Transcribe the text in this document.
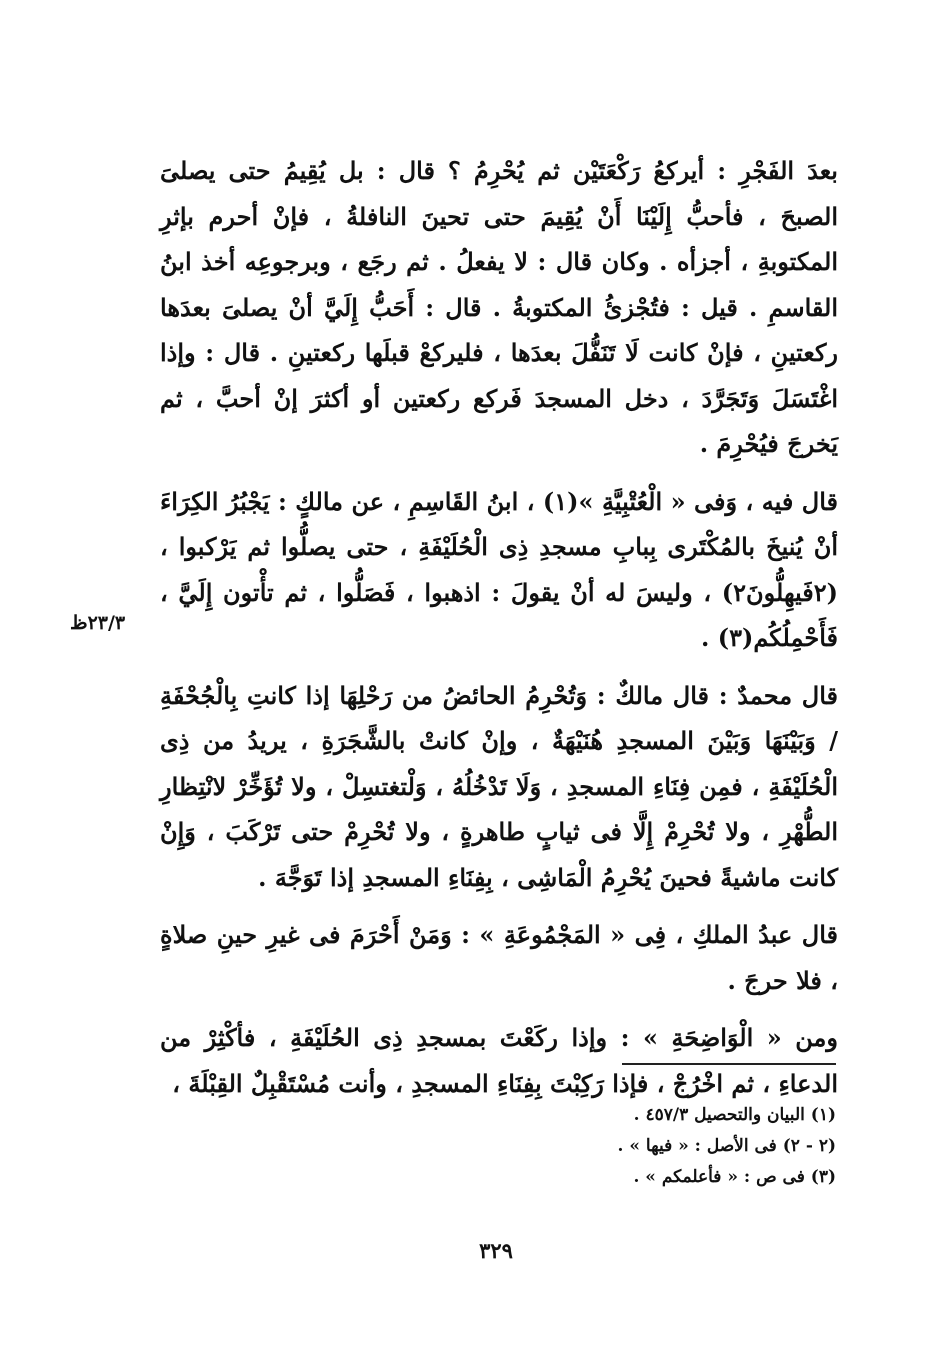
بعدَ الفَجْرِ : أيركعُ رَكْعَتَيْن ثم يُحْرِمُ ؟ قال : بل يُقِيمُ حتى يصلىَ الصبحَ ، فأحبُّ إِلَيْنَا أَنْ يُقِيمَ حتى تحينَ النافلةُ ، فإنْ أحرم بإثرِ المكتوبةِ ، أجزأه . وكان قال : لا يفعلُ . ثم رجَع ، وبرجوعِه أخذ ابنُ القاسمِ . قيل : فتُجْزئُ المكتوبةُ . قال : أَحَبُّ إِلَيَّ أنْ يصلىَ بعدَها ركعتينِ ، فإنْ كانت لَا تَنَفُّلَ بعدَها ، فليركعْ قبلَها ركعتينِ . قال : وإذا اغْتَسَلَ وَتَجَرَّدَ ، دخل المسجدَ فَركع ركعتين أو أكثرَ إنْ أحبَّ ، ثم يَخرجَ فيُحْرِمَ .

قال فيه ، وَفى « الْعُتْبِيَّةِ »(١) ، ابنُ القَاسِمِ ، عن مالكٍ : يَجْبُرُ الكِرَاءَ أنْ يُنيخَ بالمُكْتَرى بِبابِ مسجدِ ذِى الْحُلَيْفَةِ ، حتى يصلُّوا ثم يَرْكبوا ، (٢فَيهِلُّونَ٢) ، وليسَ له أنْ يقولَ : اذهبوا ، فَصَلُّوا ، ثم تأْتون إِلَيَّ ، فَأَحْمِلُكُم(٣) .

قال محمدٌ : قال مالكٌ : وَتُحْرِمُ الحائضُ من رَحْلِهَا إذا كانتِ بِالْجُحْفَةِ / وَبَيْنَهَا وَبَيْنَ المسجدِ هُنَيْهَةٌ ، وإنْ كانتْ بالشَّجَرَةِ ، يريدُ من ذِى الْحُلَيْفَةِ ، فمِن فِنَاءِ المسجدِ ، وَلَا تَدْخُلُهُ ، وَلْتغتسِلْ ، ولا تُؤَخِّرْ لانْتِظارِ الطُّهْرِ ، ولا تُحْرِمْ إِلَّا فى ثيابٍ طاهرةٍ ، ولا تُحْرِمْ حتى تَرْكَبَ ، وَإِنْ كانت ماشيةً فحينَ يُحْرِمُ الْمَاشِى ، بِفِنَاءِ المسجدِ إذا تَوَجَّهَ .

قال عبدُ الملكِ ، فِى « المَجْمُوعَةِ » : وَمَنْ أَحْرَمَ فى غيرِ حينِ صلاةٍ ، فلا حرجَ .

ومن « الْوَاضِحَةِ » : وإذا ركَعْتَ بمسجدِ ذِى الحُلَيْفَةِ ، فأكْثِرْ من الدعاءِ ، ثم اخْرُجْ ، فإذا رَكِبْتَ بِفِنَاءِ المسجدِ ، وأنت مُسْتَقْبِلٌ القِبْلَةَ ،

٢٣/٣ظ

(١) البيان والتحصيل ٤٥٧/٣ .

(٢ - ٢) فى الأصل : « فيها » .

(٣) فى ص : « فأعلمكم » .

٣٢٩
